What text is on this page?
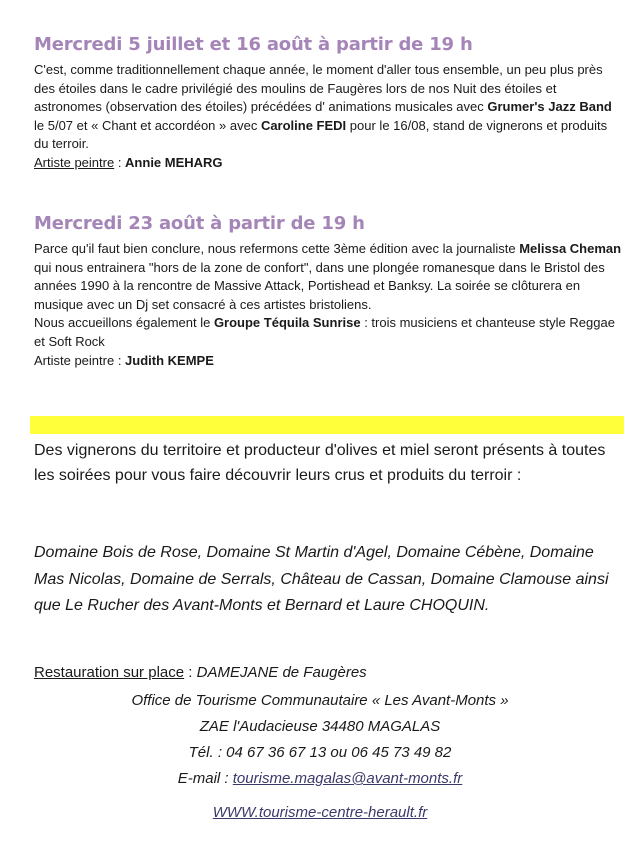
Mercredi 5 juillet et 16 août à partir de 19 h

C'est, comme traditionnellement chaque année, le moment d'aller tous ensemble, un peu plus près des étoiles dans le cadre privilégié des moulins de Faugères lors de nos Nuit des étoiles et astronomes (observation des étoiles) précédées d' animations musicales avec Grumer's Jazz Band le 5/07 et « Chant et accordéon » avec Caroline FEDI pour le 16/08, stand de vignerons et produits du terroir.

Artiste peintre : Annie MEHARG

Mercredi 23 août à partir de 19 h

Parce qu'il faut bien conclure, nous refermons cette 3ème édition avec la journaliste Melissa Cheman qui nous entrainera "hors de la zone de confort", dans une plongée romanesque dans le Bristol des années 1990 à la rencontre de Massive Attack, Portishead et Banksy. La soirée se clôturera en musique avec un Dj set consacré à ces artistes bristoliens.

Nous accueillons également le Groupe Téquila Sunrise : trois musiciens et chanteuse style Reggae et Soft Rock

Artiste peintre : Judith KEMPE

Des vignerons du territoire et producteur d'olives et miel seront présents à toutes les soirées pour vous faire découvrir leurs crus et produits du terroir :
Domaine Bois de Rose, Domaine St Martin d'Agel, Domaine Cébène, Domaine Mas Nicolas, Domaine de Serrals, Château de Cassan, Domaine Clamouse ainsi que Le Rucher des Avant-Monts et Bernard et Laure CHOQUIN.
Restauration sur place : DAMEJANE de Faugères
Office de Tourisme Communautaire « Les Avant-Monts »
ZAE l'Audacieuse 34480 MAGALAS
Tél. : 04 67 36 67 13 ou 06 45 73 49 82
E-mail : tourisme.magalas@avant-monts.fr
WWW.tourisme-centre-herault.fr
